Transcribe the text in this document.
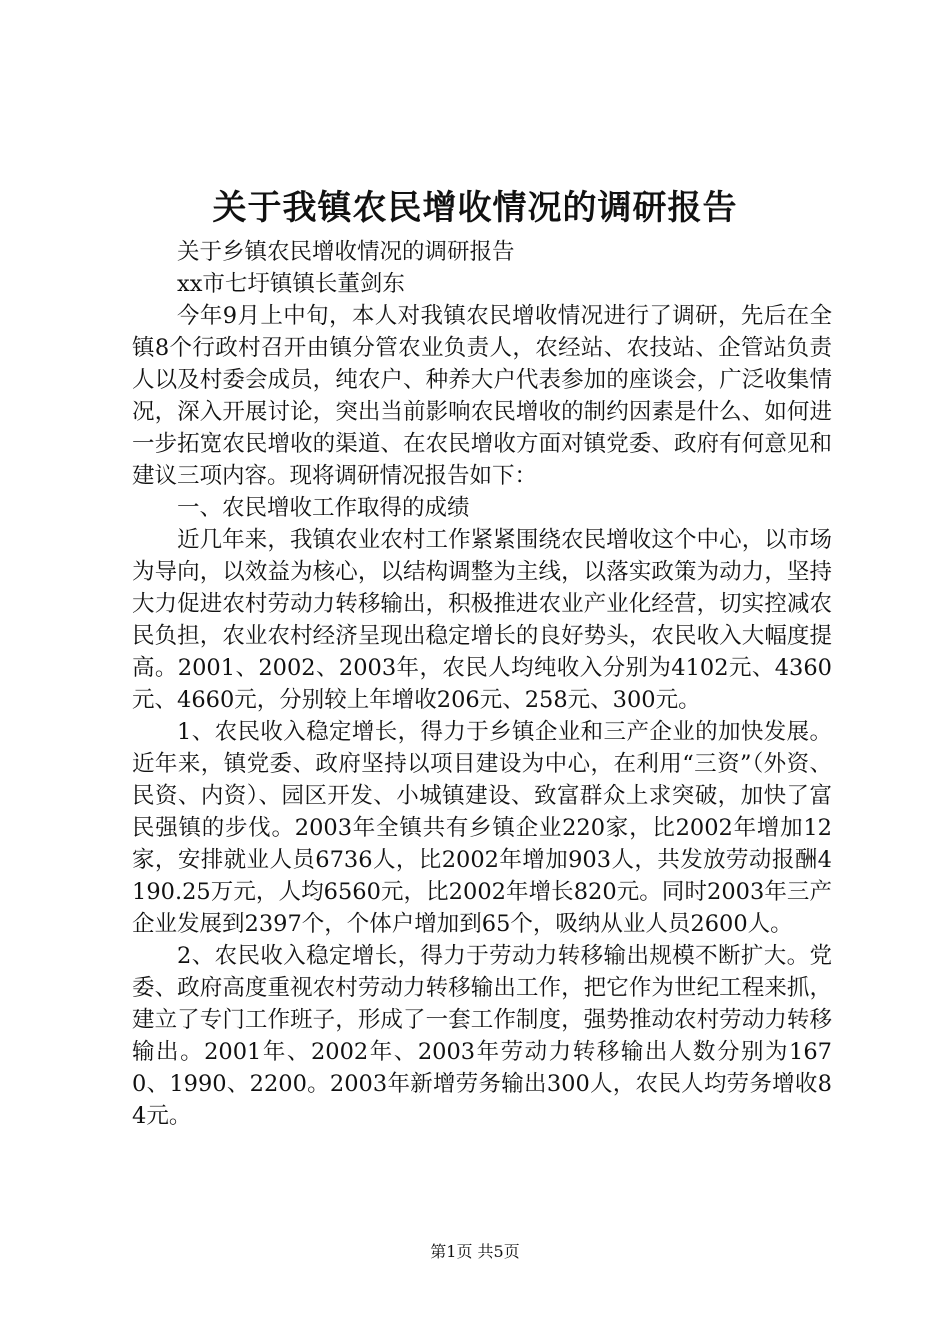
关于我镇农民增收情况的调研报告

关于乡镇农民增收情况的调研报告

xx市七圩镇镇长董剑东

今年9月上中旬，本人对我镇农民增收情况进行了调研，先后在全镇8个行政村召开由镇分管农业负责人，农经站、农技站、企管站负责人以及村委会成员，纯农户、种养大户代表参加的座谈会，广泛收集情况，深入开展讨论，突出当前影响农民增收的制约因素是什么、如何进一步拓宽农民增收的渠道、在农民增收方面对镇党委、政府有何意见和建议三项内容。现将调研情况报告如下：

一、农民增收工作取得的成绩

近几年来，我镇农业农村工作紧紧围绕农民增收这个中心，以市场为导向，以效益为核心，以结构调整为主线，以落实政策为动力，坚持大力促进农村劳动力转移输出，积极推进农业产业化经营，切实控减农民负担，农业农村经济呈现出稳定增长的良好势头，农民收入大幅度提高。2001、2002、2003年，农民人均纯收入分别为4102元、4360元、4660元，分别较上年增收206元、258元、300元。

1、农民收入稳定增长，得力于乡镇企业和三产企业的加快发展。近年来，镇党委、政府坚持以项目建设为中心，在利用“三资”（外资、民资、内资）、园区开发、小城镇建设、致富群众上求突破，加快了富民强镇的步伐。2003年全镇共有乡镇企业220家，比2002年增加12家，安排就业人员6736人，比2002年增加903人，共发放劳动报酬4190.25万元，人均6560元，比2002年增长820元。同时2003年三产企业发展到2397个，个体户增加到65个，吸纳从业人员2600人。

2、农民收入稳定增长，得力于劳动力转移输出规模不断扩大。党委、政府高度重视农村劳动力转移输出工作，把它作为世纪工程来抓，建立了专门工作班子，形成了一套工作制度，强势推动农村劳动力转移输出。2001年、2002年、2003年劳动力转移输出人数分别为1670、1990、2200。2003年新增劳务输出300人，农民人均劳务增收84元。

第1页 共5页
